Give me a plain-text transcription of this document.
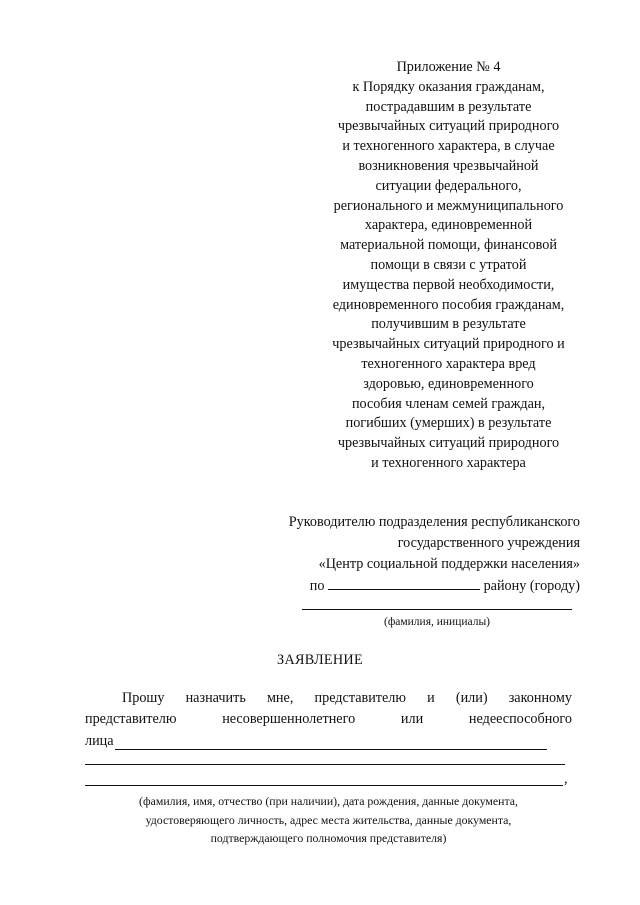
Приложение № 4
к Порядку оказания гражданам,
пострадавшим в результате
чрезвычайных ситуаций природного
и техногенного характера, в случае
возникновения чрезвычайной
ситуации федерального,
регионального и межмуниципального
характера, единовременной
материальной помощи, финансовой
помощи в связи с утратой
имущества первой необходимости,
единовременного пособия гражданам,
получившим в результате
чрезвычайных ситуаций природного и
техногенного характера вред
здоровью, единовременного
пособия членам семей граждан,
погибших (умерших) в результате
чрезвычайных ситуаций природного
и техногенного характера
Руководителю подразделения республиканского
государственного учреждения
«Центр социальной поддержки населения»
по	району (городу)
(фамилия, инициалы)
ЗАЯВЛЕНИЕ
Прошу назначить мне, представителю и (или) законному
представителю	несовершеннолетнего	или	недееспособного
лица
,
(фамилия, имя, отчество (при наличии), дата рождения, данные документа,
удостоверяющего личность, адрес места жительства, данные документа,
подтверждающего полномочия представителя)
